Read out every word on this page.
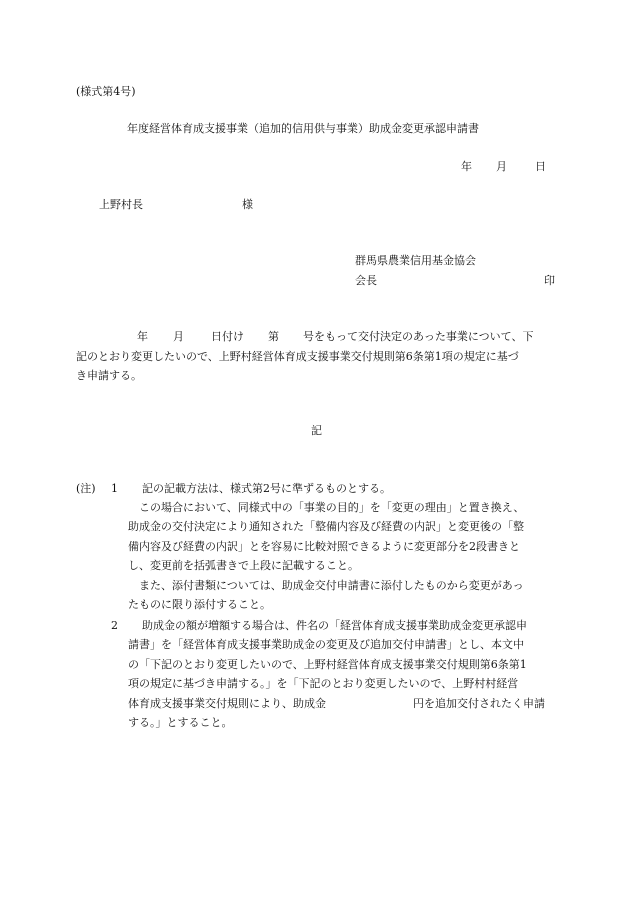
(様式第4号)
年度経営体育成支援事業（追加的信用供与事業）助成金変更承認申請書
年 月	日
上野村長	様
群馬県農業信用基金協会
会長	印
年 月 日付け 第 号をもって交付決定のあった事業について、下
記のとおり変更したいので、上野村経営体育成支援事業交付規則第6条第1項の規定に基づ
き申請する。
記
(注) 1 記の記載方法は、様式第2号に準ずるものとする。
　この場合において、同様式中の「事業の目的」を「変更の理由」と置き換え、
助成金の交付決定により通知された「整備内容及び経費の内訳」と変更後の「整
備内容及び経費の内訳」とを容易に比較対照できるように変更部分を2段書きと
し、変更前を括弧書きで上段に記載すること。
　また、添付書類については、助成金交付申請書に添付したものから変更があっ
たものに限り添付すること。
2 助成金の額が増額する場合は、件名の「経営体育成支援事業助成金変更承認申
請書」を「経営体育成支援事業助成金の変更及び追加交付申請書」とし、本文中
の「下記のとおり変更したいので、上野村経営体育成支援事業交付規則第6条第1
項の規定に基づき申請する。」を「下記のとおり変更したいので、上野村村経営
体育成支援事業交付規則により、助成金	円を追加交付されたく申請
する。」とすること。
